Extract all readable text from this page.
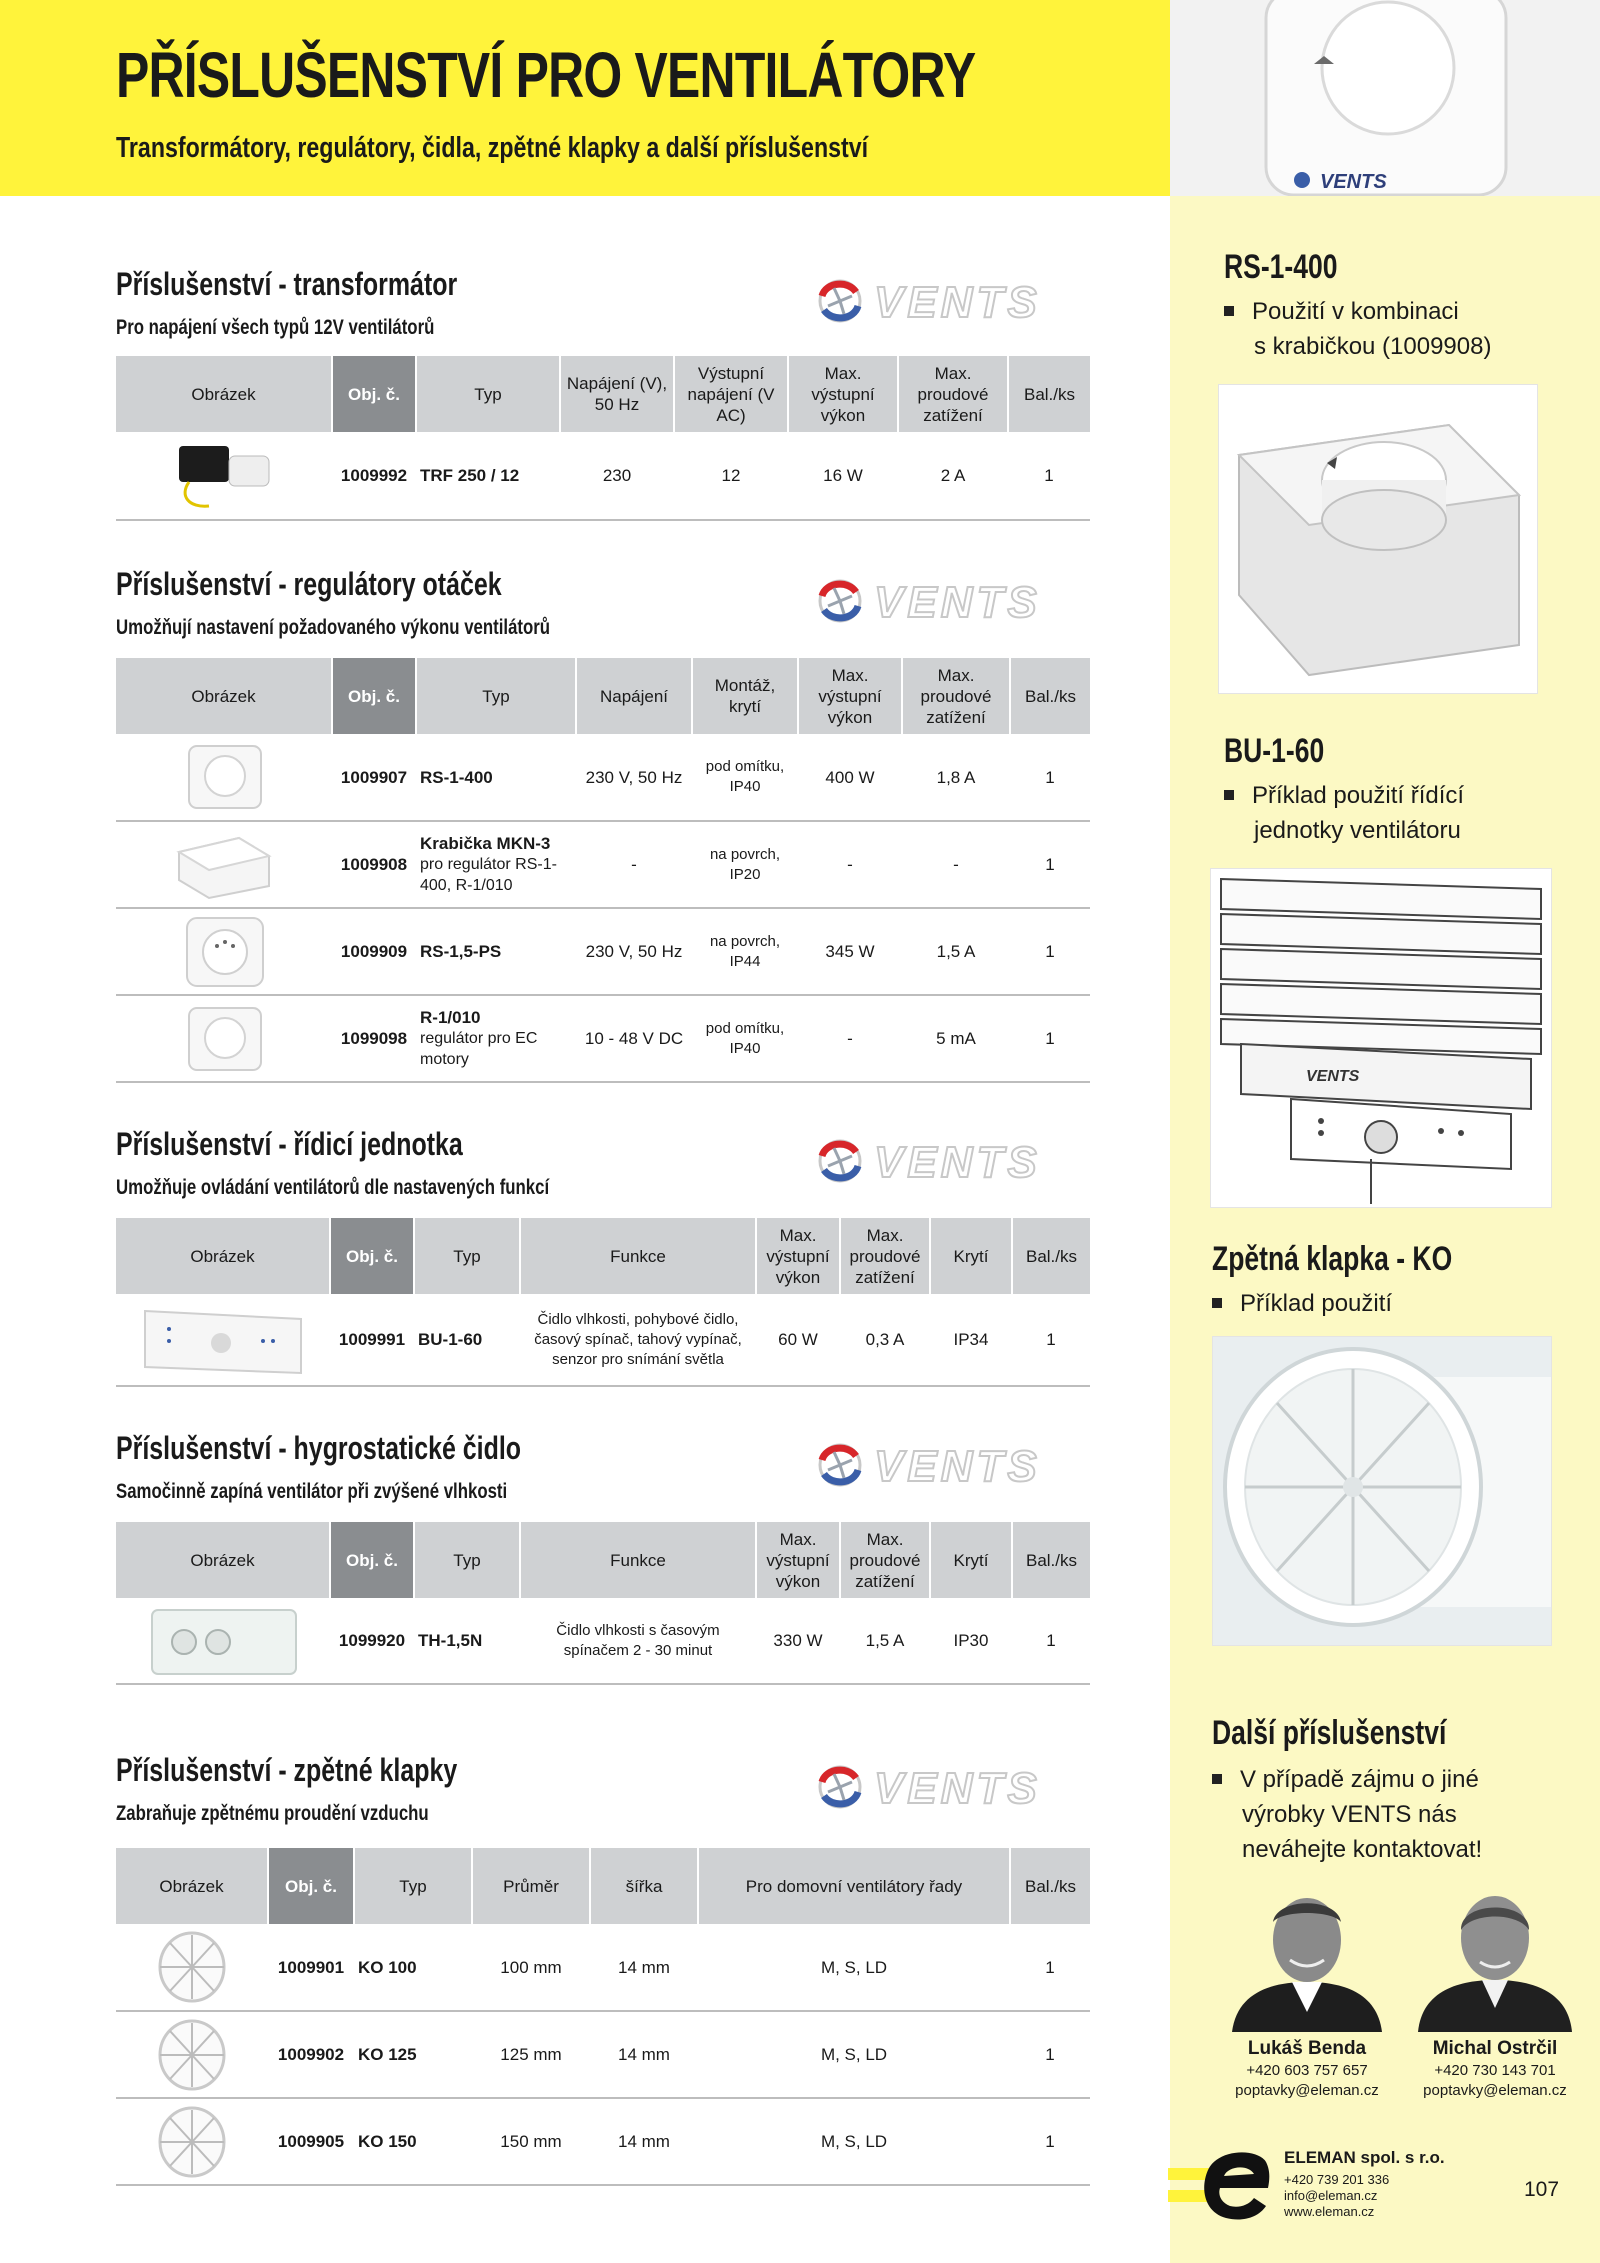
PŘÍSLUŠENSTVÍ PRO VENTILÁTORY
Transformátory, regulátory, čidla, zpětné klapky a další příslušenství
VENTS
RS-1-400
Použití v kombinaci
s krabičkou (1009908)
BU-1-60
Příklad použití řídící
jednotky ventilátoru
VENTS
Zpětná klapka - KO
Příklad použití
Další příslušenství
V případě zájmu o jiné
výrobky VENTS nás
neváhejte kontaktovat!
Lukáš Benda
+420 603 757 657
poptavky@eleman.cz
Michal Ostrčil
+420 730 143 701
poptavky@eleman.cz
ELEMAN spol. s r.o.
+420 739 201 336
info@eleman.cz
www.eleman.cz
107
Příslušenství - transformátor
Pro napájení všech typů 12V ventilátorů
VENTS
Obrázek	Obj. č.	Typ	Napájení (V), 50 Hz	Výstupní napájení (V AC)	Max. výstupní výkon	Max. proudové zatížení	Bal./ks

	1009992	TRF 250 / 12	230	12	16 W	2 A	1
Příslušenství - regulátory otáček
Umožňují nastavení požadovaného výkonu ventilátorů
VENTS
Obrázek	Obj. č.	Typ	Napájení	Montáž, krytí	Max. výstupní výkon	Max. proudové zatížení	Bal./ks

	1009907	RS-1-400	230 V, 50 Hz	pod omítku, IP40	400 W	1,8 A	1

	1009908	Krabička MKN-3
pro regulátor RS-1-400, R-1/010	-	na povrch, IP20	-	-	1

	1009909	RS-1,5-PS	230 V, 50 Hz	na povrch, IP44	345 W	1,5 A	1

	1099098	R-1/010
regulátor pro EC motory	10 - 48 V DC	pod omítku, IP40	-	5 mA	1
Příslušenství - řídicí jednotka
Umožňuje ovládání ventilátorů dle nastavených funkcí
VENTS
Obrázek	Obj. č.	Typ	Funkce	Max. výstupní výkon	Max. proudové zatížení	Krytí	Bal./ks

	1009991	BU-1-60	Čidlo vlhkosti, pohybové čidlo, časový spínač, tahový vypínač, senzor pro snímání světla	60 W	0,3 A	IP34	1
Příslušenství - hygrostatické čidlo
Samočinně zapíná ventilátor při zvýšené vlhkosti
VENTS
Obrázek	Obj. č.	Typ	Funkce	Max. výstupní výkon	Max. proudové zatížení	Krytí	Bal./ks

	1099920	TH-1,5N	Čidlo vlhkosti s časovým spínačem 2 - 30 minut	330 W	1,5 A	IP30	1
Příslušenství - zpětné klapky
Zabraňuje zpětnému proudění vzduchu
VENTS
Obrázek	Obj. č.	Typ	Průměr	šířka	Pro domovní ventilátory řady	Bal./ks

	1009901	KO 100	100 mm	14 mm	M, S, LD	1

	1009902	KO 125	125 mm	14 mm	M, S, LD	1

	1009905	KO 150	150 mm	14 mm	M, S, LD	1
